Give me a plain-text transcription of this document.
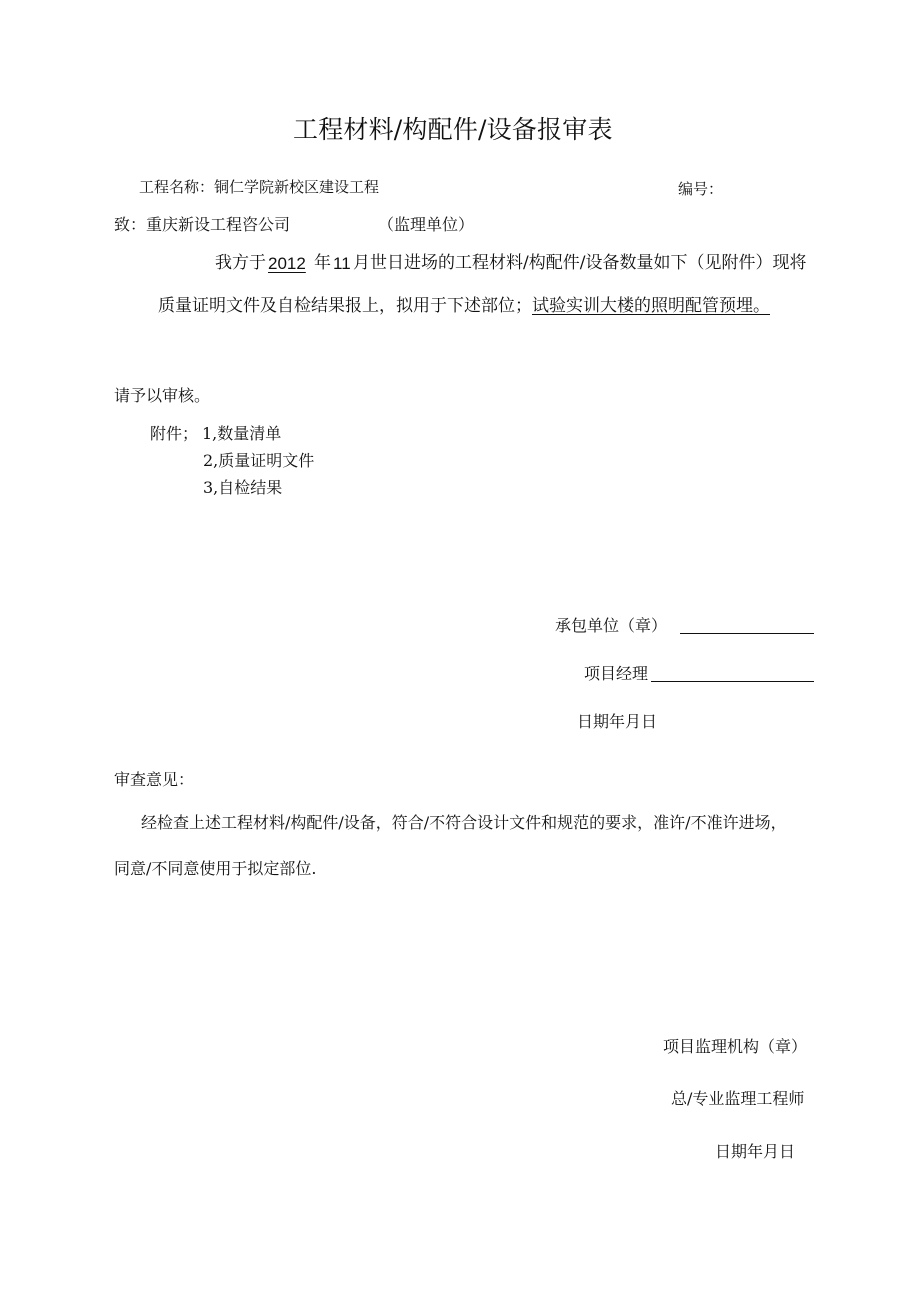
工程材料/构配件/设备报审表
工程名称： 铜仁学院新校区建设工程	编号：
致： 重庆新设工程咨公司	（监理单位）
我方于 2012 年 11 月世日进场的工程材料/构配件/设备数量如下（见附件）现将
质量证明文件及自检结果报上，拟用于下述部位； 试验实训大楼的照明配管预埋。
请予以审核。
附件； 1,数量清单
2,质量证明文件
3,自检结果
承包单位（章）
项目经理
日期年月日
审查意见：
经检查上述工程材料/构配件/设备，符合/不符合设计文件和规范的要求，准许/不准许进场，
同意/不同意使用于拟定部位.
项目监理机构（章）
总/专业监理工程师
日期年月日
